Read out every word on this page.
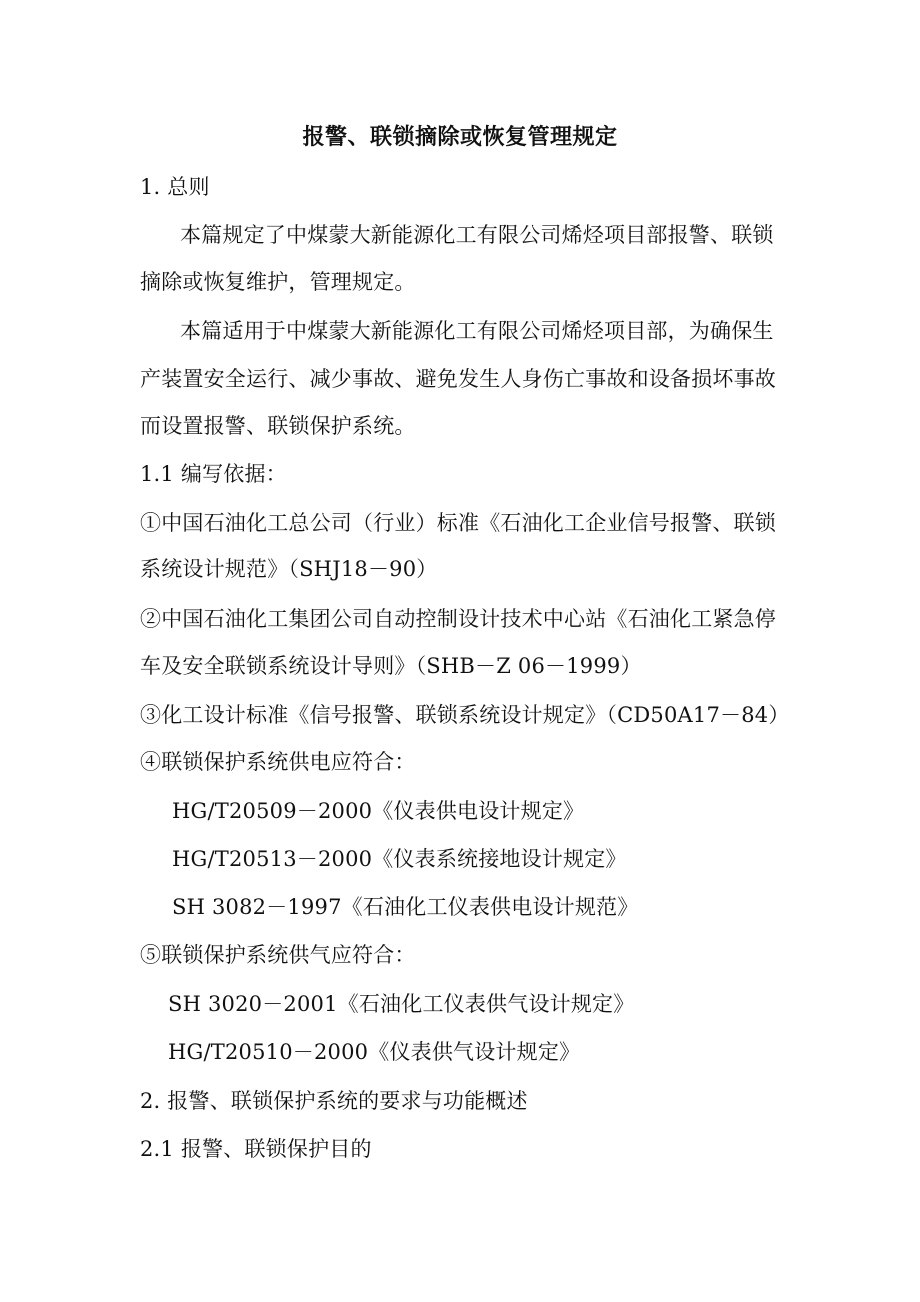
报警、联锁摘除或恢复管理规定
1. 总则
本篇规定了中煤蒙大新能源化工有限公司烯烃项目部报警、联锁
摘除或恢复维护，管理规定。
本篇适用于中煤蒙大新能源化工有限公司烯烃项目部，为确保生
产装置安全运行、减少事故、避免发生人身伤亡事故和设备损坏事故
而设置报警、联锁保护系统。
1.1 编写依据：
①中国石油化工总公司（行业）标准《石油化工企业信号报警、联锁
系统设计规范》（SHJ18－90）
②中国石油化工集团公司自动控制设计技术中心站《石油化工紧急停
车及安全联锁系统设计导则》（SHB－Z 06－1999）
③化工设计标准《信号报警、联锁系统设计规定》（CD50A17－84）
④联锁保护系统供电应符合：
HG/T20509－2000《仪表供电设计规定》
HG/T20513－2000《仪表系统接地设计规定》
SH 3082－1997《石油化工仪表供电设计规范》
⑤联锁保护系统供气应符合：
SH 3020－2001《石油化工仪表供气设计规定》
HG/T20510－2000《仪表供气设计规定》
2. 报警、联锁保护系统的要求与功能概述
2.1 报警、联锁保护目的
